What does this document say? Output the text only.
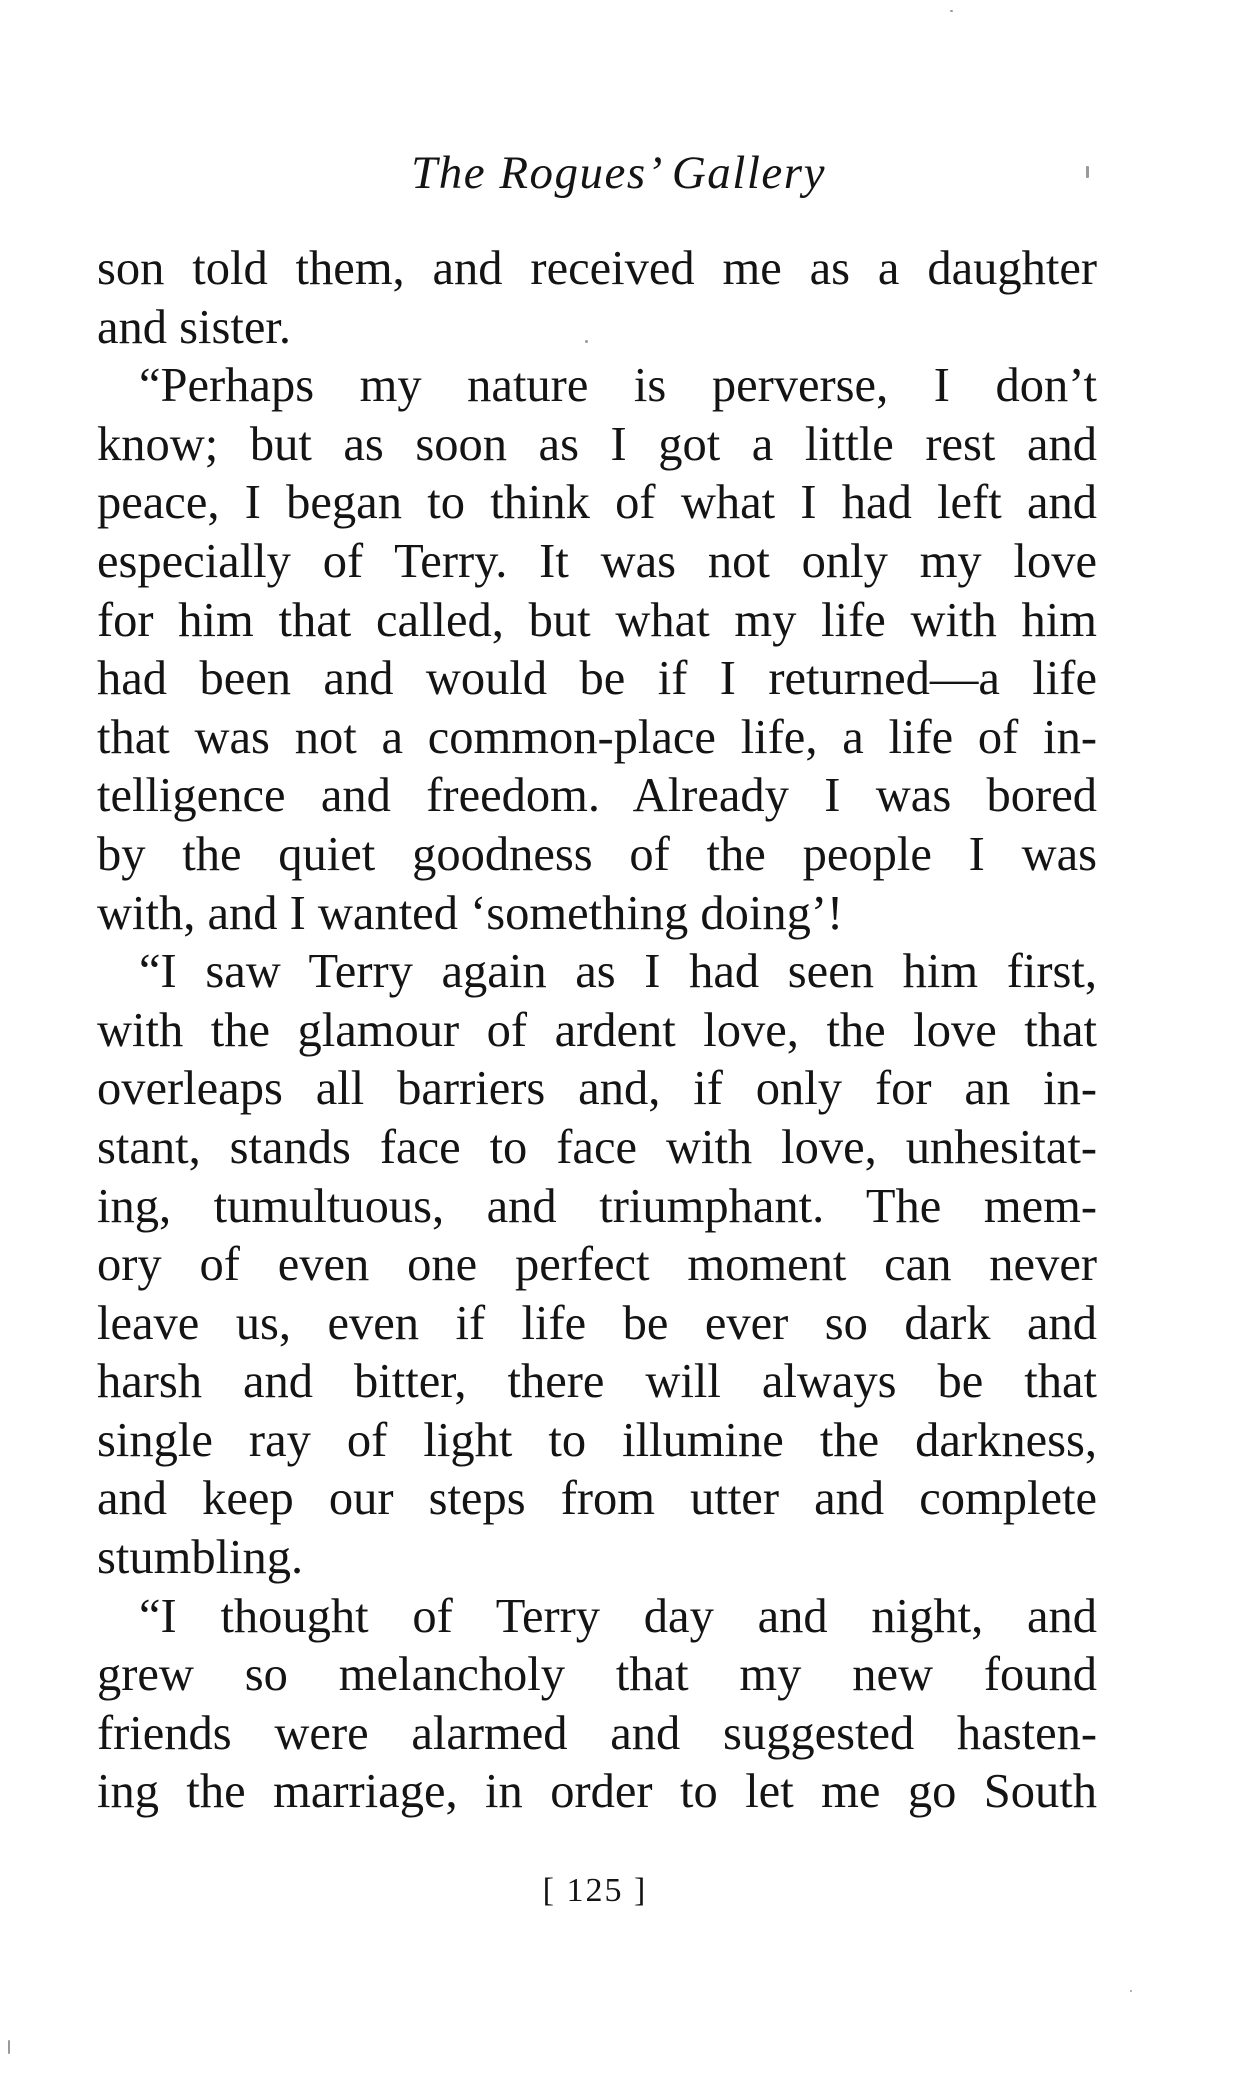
The Rogues’ Gallery
son told them, and received me as a daughter
and sister.
“Perhaps my nature is perverse, I don’t
know; but as soon as I got a little rest and
peace, I began to think of what I had left and
especially of Terry. It was not only my love
for him that called, but what my life with him
had been and would be if I returned—a life
that was not a common-place life, a life of in-
telligence and freedom. Already I was bored
by the quiet goodness of the people I was
with, and I wanted ‘something doing’!
“I saw Terry again as I had seen him first,
with the glamour of ardent love, the love that
overleaps all barriers and, if only for an in-
stant, stands face to face with love, unhesitat-
ing, tumultuous, and triumphant. The mem-
ory of even one perfect moment can never
leave us, even if life be ever so dark and
harsh and bitter, there will always be that
single ray of light to illumine the darkness,
and keep our steps from utter and complete
stumbling.
“I thought of Terry day and night, and
grew so melancholy that my new found
friends were alarmed and suggested hasten-
ing the marriage, in order to let me go South
[ 125 ]
